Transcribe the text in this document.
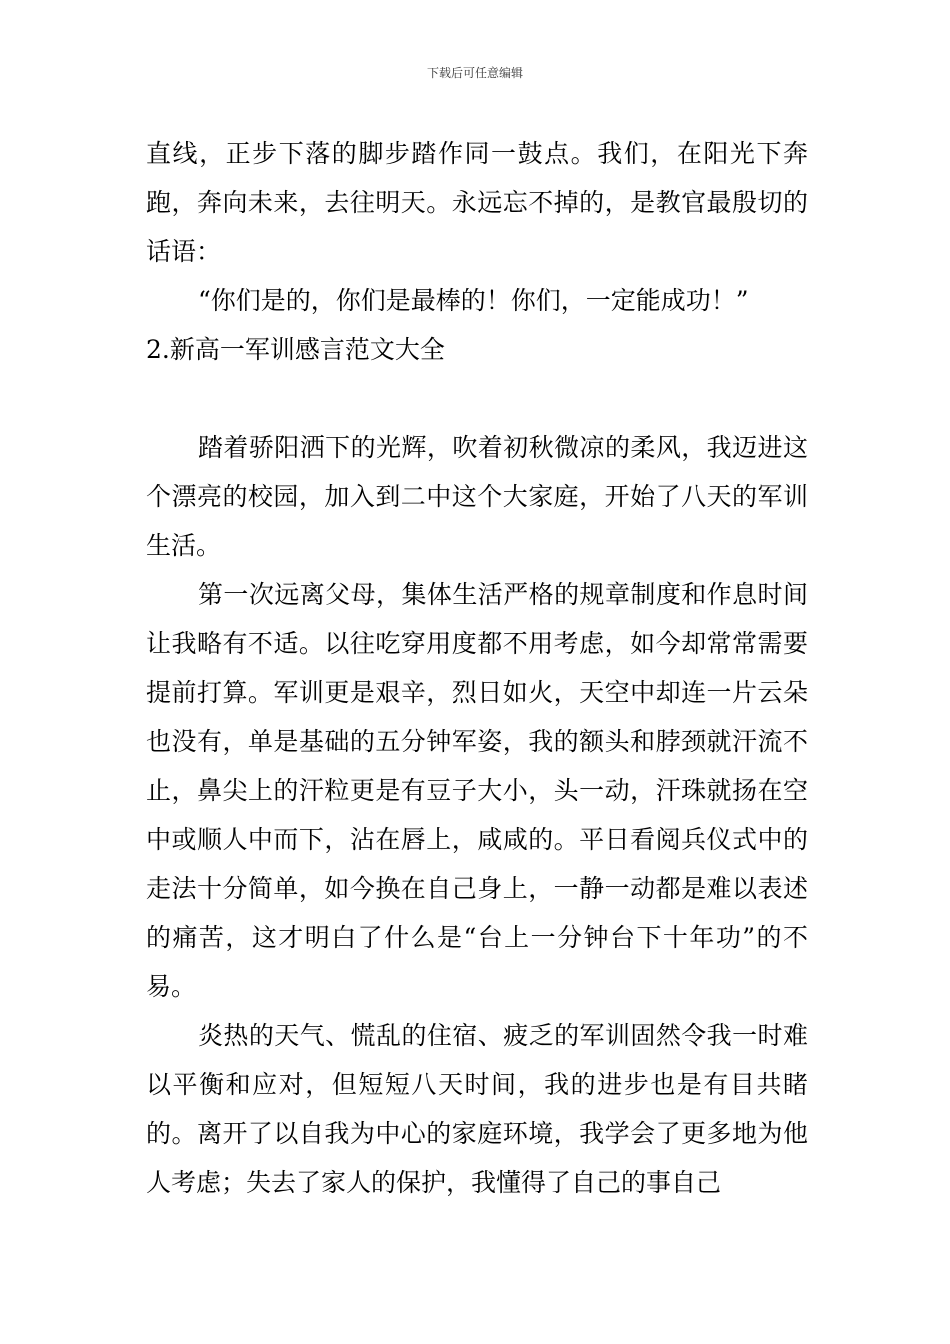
下载后可任意编辑

直线，正步下落的脚步踏作同一鼓点。我们，在阳光下奔跑，奔向未来，去往明天。永远忘不掉的，是教官最殷切的话语：

“你们是的，你们是最棒的！你们，一定能成功！”

2.新高一军训感言范文大全

踏着骄阳洒下的光辉，吹着初秋微凉的柔风，我迈进这个漂亮的校园，加入到二中这个大家庭，开始了八天的军训生活。

第一次远离父母，集体生活严格的规章制度和作息时间让我略有不适。以往吃穿用度都不用考虑，如今却常常需要提前打算。军训更是艰辛，烈日如火，天空中却连一片云朵也没有，单是基础的五分钟军姿，我的额头和脖颈就汗流不止，鼻尖上的汗粒更是有豆子大小，头一动，汗珠就扬在空中或顺人中而下，沾在唇上，咸咸的。平日看阅兵仪式中的走法十分简单，如今换在自己身上，一静一动都是难以表述的痛苦，这才明白了什么是“台上一分钟台下十年功”的不易。

炎热的天气、慌乱的住宿、疲乏的军训固然令我一时难以平衡和应对，但短短八天时间，我的进步也是有目共睹的。离开了以自我为中心的家庭环境，我学会了更多地为他人考虑；失去了家人的保护，我懂得了自己的事自己
